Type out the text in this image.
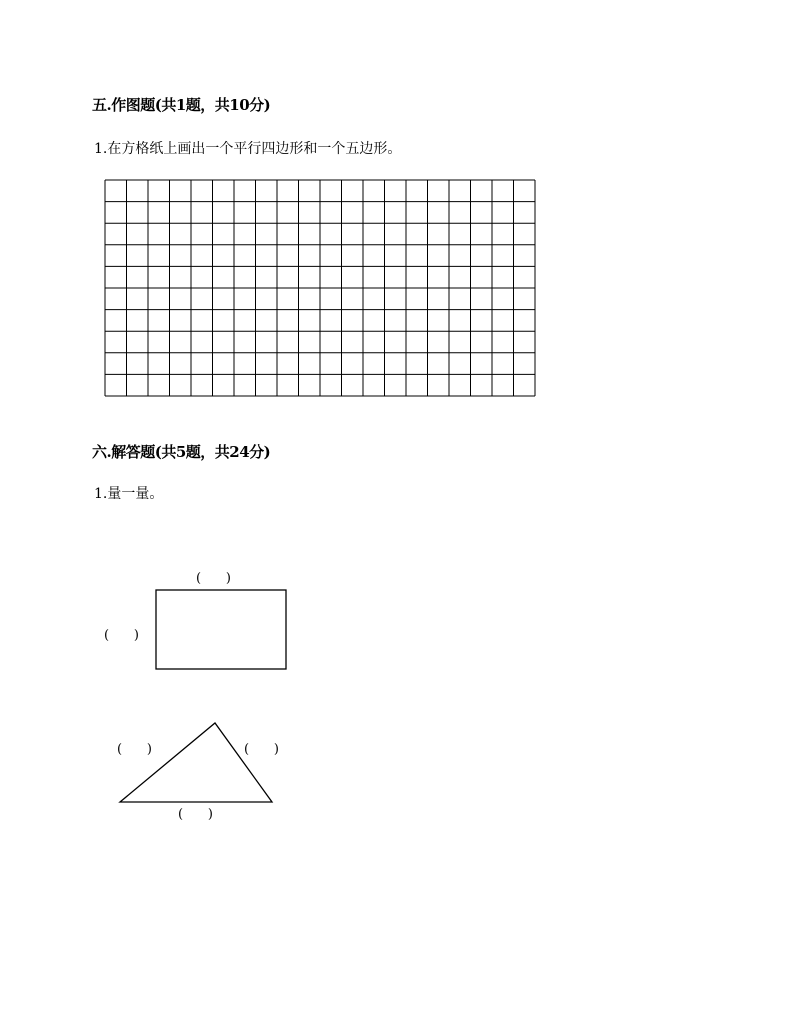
五.作图题(共1题，共10分)
1.在方格纸上画出一个平行四边形和一个五边形。
六.解答题(共5题，共24分)
1.量一量。
(      )
(      )
(      )	(      )
(      )
